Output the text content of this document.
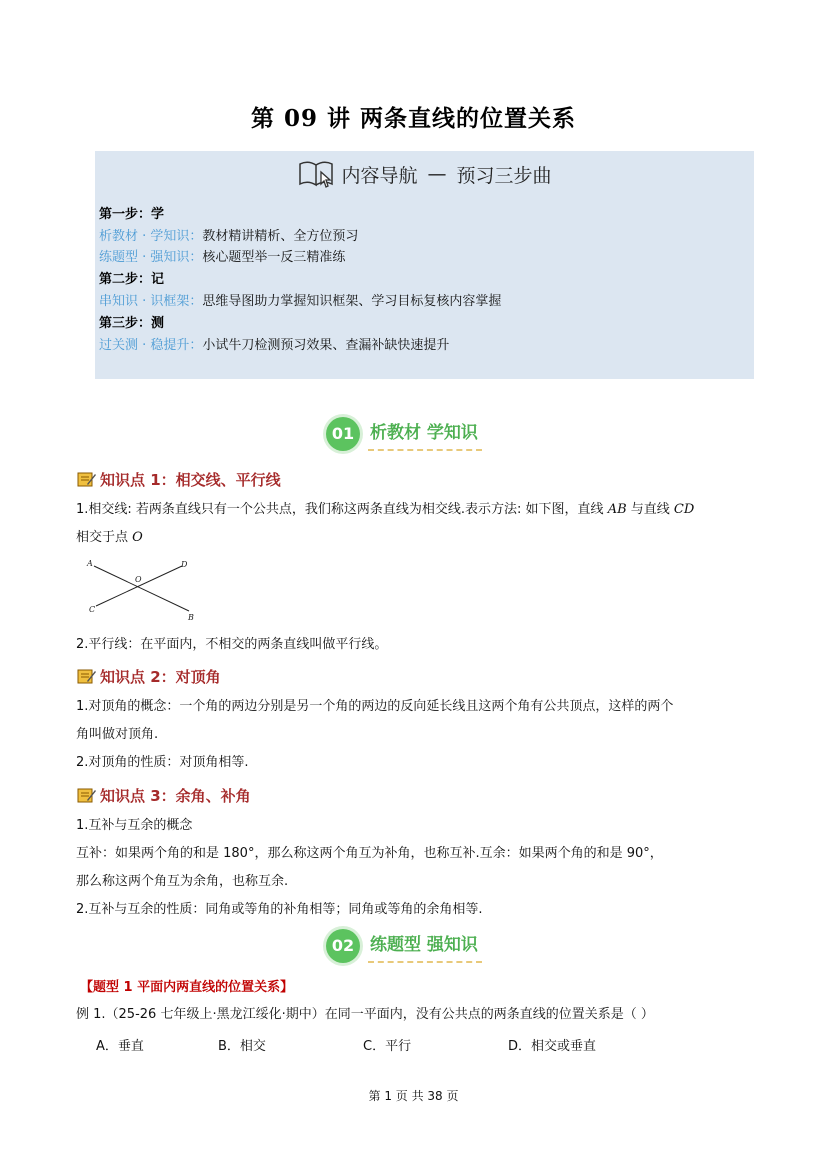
第 09 讲 两条直线的位置关系
内容导航 — 预习三步曲
第一步：学
析教材 · 学知识：教材精讲精析、全方位预习
练题型 · 强知识：核心题型举一反三精准练
第二步：记
串知识 · 识框架：思维导图助力掌握知识框架、学习目标复核内容掌握
第三步：测
过关测 · 稳提升：小试牛刀检测预习效果、查漏补缺快速提升
01 析教材 学知识
知识点 1：相交线、平行线
1.相交线: 若两条直线只有一个公共点，我们称这两条直线为相交线.表示方法: 如下图，直线 AB 与直线 CD
相交于点 O
A
B
C
D
O
2.平行线：在平面内，不相交的两条直线叫做平行线。
知识点 2：对顶角
1.对顶角的概念：一个角的两边分别是另一个角的两边的反向延长线且这两个角有公共顶点，这样的两个
角叫做对顶角.
2.对顶角的性质：对顶角相等.
知识点 3：余角、补角
1.互补与互余的概念
互补：如果两个角的和是 180°，那么称这两个角互为补角，也称互补.互余：如果两个角的和是 90°，
那么称这两个角互为余角，也称互余.
2.互补与互余的性质：同角或等角的补角相等；同角或等角的余角相等.
02 练题型 强知识
【题型 1 平面内两直线的位置关系】
例 1.（25-26 七年级上·黑龙江绥化·期中）在同一平面内，没有公共点的两条直线的位置关系是（ ）
A．垂直	B．相交	C．平行	D．相交或垂直
第 1 页 共 38 页
